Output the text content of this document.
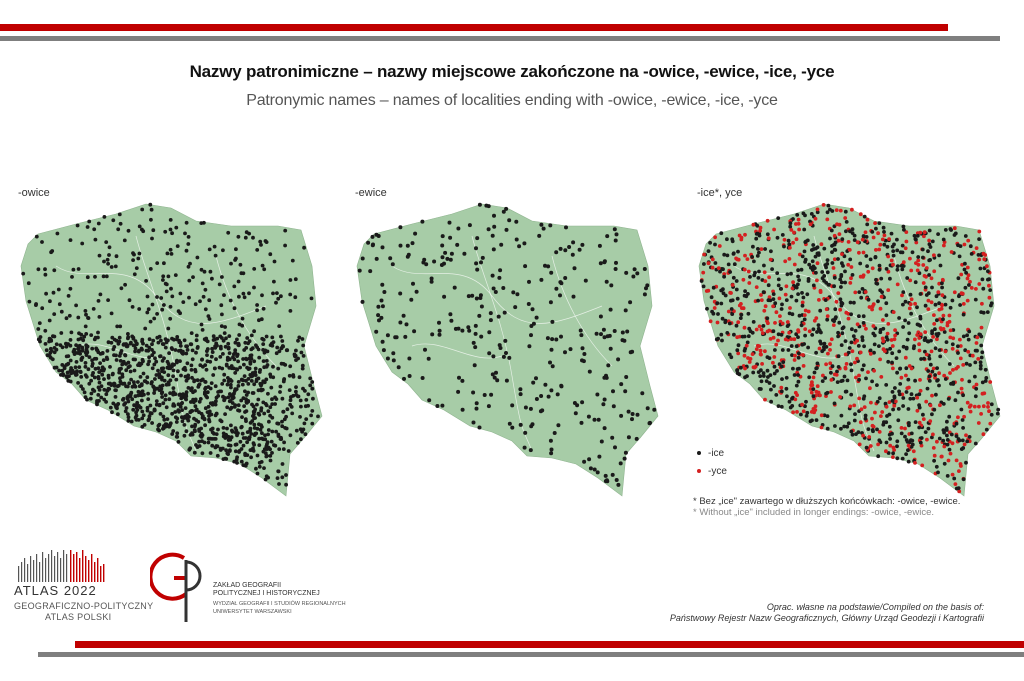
Nazwy patronimiczne – nazwy miejscowe zakończone na -owice, -ewice, -ice, -yce
Patronymic names – names of localities ending with -owice, -ewice, -ice, -yce
-owice	-ewice	-ice*, yce
-ice
-yce
* Bez „ice" zawartego w dłuższych końcówkach: -owice, -ewice.
* Without „ice" included in longer endings: -owice, -ewice.
ATLAS 2022
GEOGRAFICZNO-POLITYCZNY
ATLAS POLSKI
ZAKŁAD GEOGRAFII
POLITYCZNEJ I HISTORYCZNEJ
WYDZIAŁ GEOGRAFII I STUDIÓW REGIONALNYCH
UNIWERSYTET WARSZAWSKI	Oprac. własne na podstawie/Compiled on the basis of:
Państwowy Rejestr Nazw Geograficznych, Główny Urząd Geodezji i Kartografii
